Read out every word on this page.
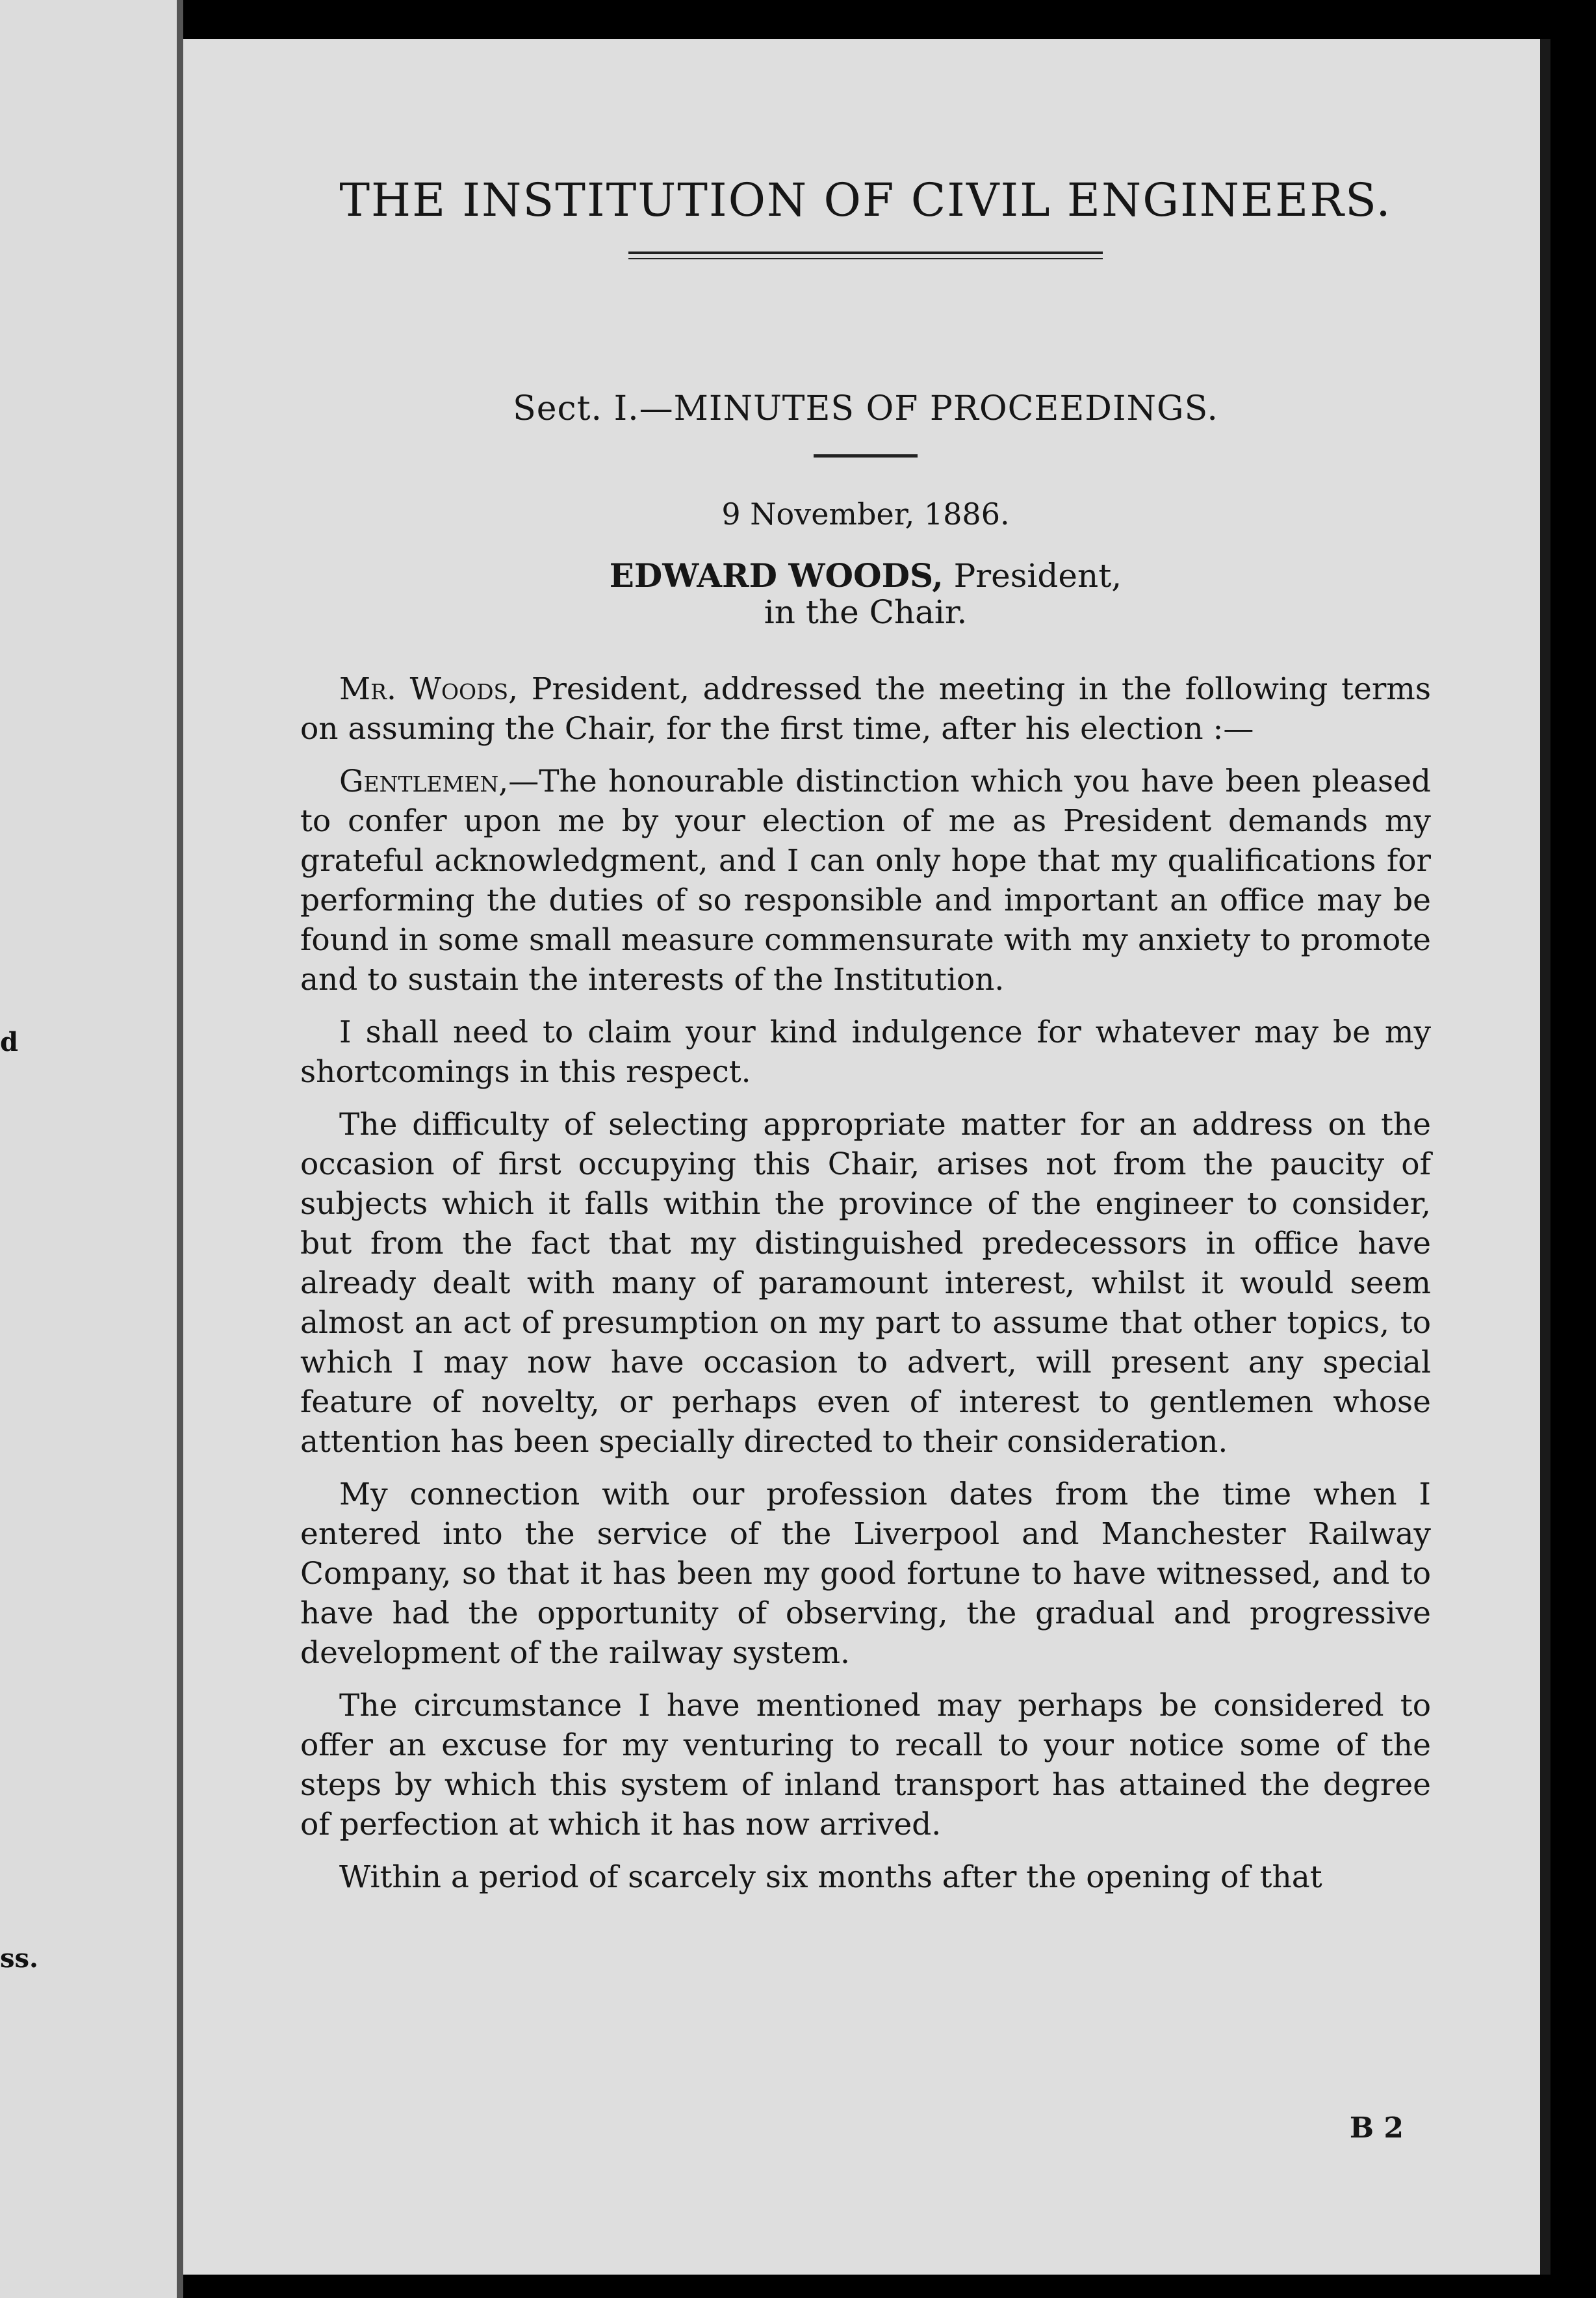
d
ss.
THE INSTITUTION OF CIVIL ENGINEERS.
Sect. I.—MINUTES OF PROCEEDINGS.
9 November, 1886.
EDWARD WOODS, President,
in the Chair.

Mr. Woods, President, addressed the meeting in the following terms on assuming the Chair, for the first time, after his election :—

Gentlemen,—The honourable distinction which you have been pleased to confer upon me by your election of me as President demands my grateful acknowledgment, and I can only hope that my qualifications for performing the duties of so responsible and important an office may be found in some small measure commensurate with my anxiety to promote and to sustain the interests of the Institution.

I shall need to claim your kind indulgence for whatever may be my shortcomings in this respect.

The difficulty of selecting appropriate matter for an address on the occasion of first occupying this Chair, arises not from the paucity of subjects which it falls within the province of the engineer to consider, but from the fact that my distinguished predecessors in office have already dealt with many of paramount interest, whilst it would seem almost an act of presumption on my part to assume that other topics, to which I may now have occasion to advert, will present any special feature of novelty, or perhaps even of interest to gentlemen whose attention has been specially directed to their consideration.

My connection with our profession dates from the time when I entered into the service of the Liverpool and Manchester Railway Company, so that it has been my good fortune to have witnessed, and to have had the opportunity of observing, the gradual and progressive development of the railway system.

The circumstance I have mentioned may perhaps be considered to offer an excuse for my venturing to recall to your notice some of the steps by which this system of inland transport has attained the degree of perfection at which it has now arrived.

Within a period of scarcely six months after the opening of that

B 2
